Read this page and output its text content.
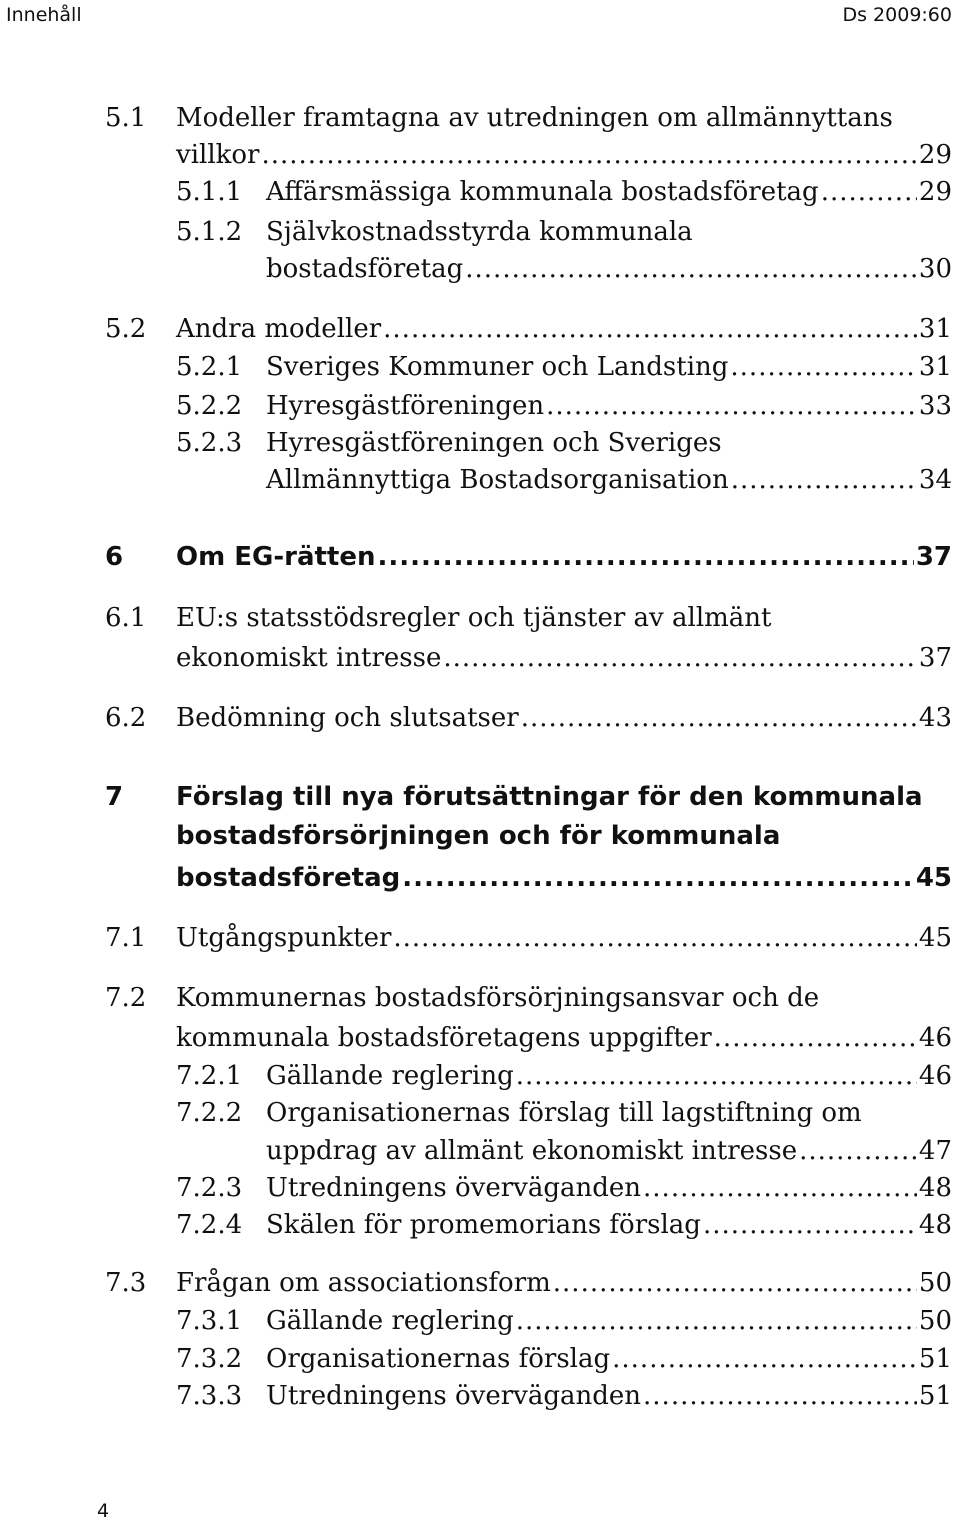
Innehåll	Ds 2009:60
5.1 Modeller framtagna av utredningen om allmännyttans
villkor .....	29
5.1.1 Affärsmässiga kommunala bostadsföretag .....	29
5.1.2 Självkostnadsstyrda kommunala
bostadsföretag .....	30
5.2 Andra modeller .....	31
5.2.1 Sveriges Kommuner och Landsting .....	31
5.2.2 Hyresgästföreningen .....	33
5.2.3 Hyresgästföreningen och Sveriges
Allmännyttiga Bostadsorganisation .....	34
6 Om EG-rätten .....	37
6.1 EU:s statsstödsregler och tjänster av allmänt
ekonomiskt intresse .....	37
6.2 Bedömning och slutsatser .....	43
7 Förslag till nya förutsättningar för den kommunala
bostadsförsörjningen och för kommunala
bostadsföretag .....	45
7.1 Utgångspunkter .....	45
7.2 Kommunernas bostadsförsörjningsansvar och de
kommunala bostadsföretagens uppgifter .....	46
7.2.1 Gällande reglering .....	46
7.2.2 Organisationernas förslag till lagstiftning om
uppdrag av allmänt ekonomiskt intresse .....	47
7.2.3 Utredningens överväganden .....	48
7.2.4 Skälen för promemorians förslag .....	48
7.3 Frågan om associationsform .....	50
7.3.1 Gällande reglering .....	50
7.3.2 Organisationernas förslag .....	51
7.3.3 Utredningens överväganden .....	51
4
